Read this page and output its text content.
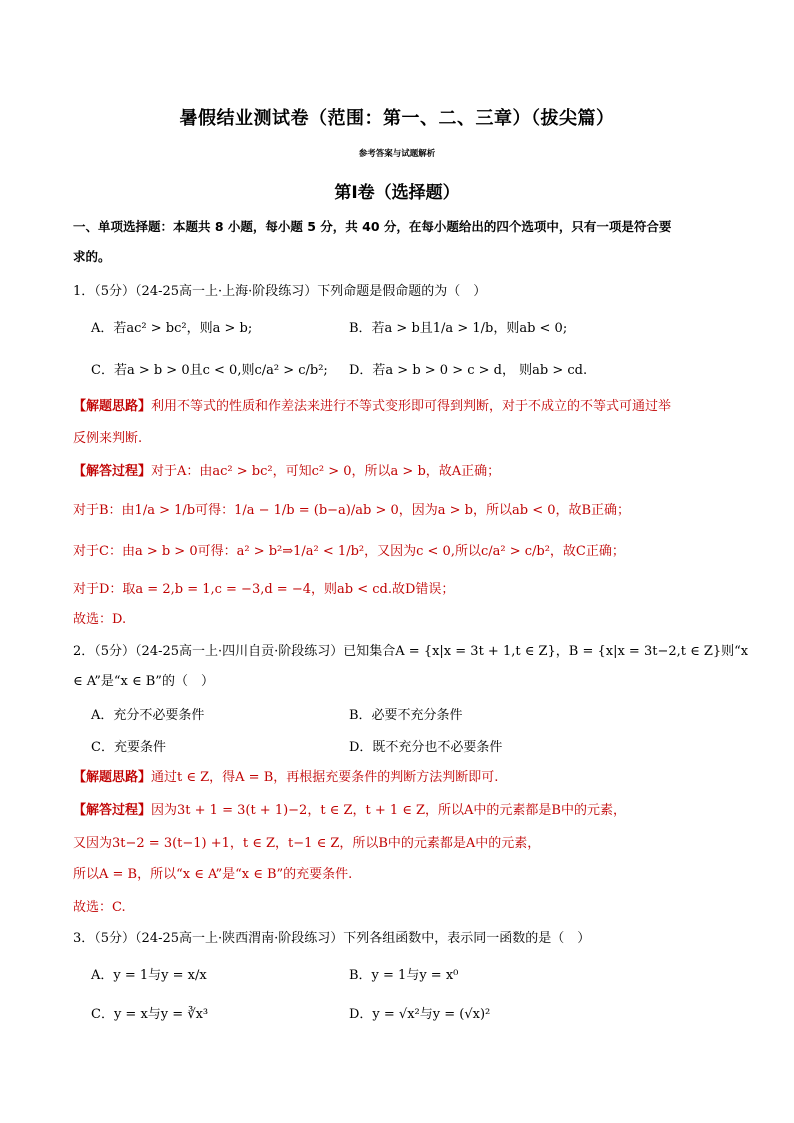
暑假结业测试卷（范围：第一、二、三章）（拔尖篇）
参考答案与试题解析
第I卷（选择题）
一、单项选择题：本题共 8 小题，每小题 5 分，共 40 分，在每小题给出的四个选项中，只有一项是符合要
求的。
1．（5分）（24-25高一上·上海·阶段练习）下列命题是假命题的为（　）
A．若ac² > bc²，则a > b;	B．若a > b且1/a > 1/b，则ab < 0;
C．若a > b > 0且c < 0,则c/a² > c/b²; D．若a > b > 0 > c > d， 则ab > cd.
【解题思路】利用不等式的性质和作差法来进行不等式变形即可得到判断，对于不成立的不等式可通过举
反例来判断.
【解答过程】对于A：由ac² > bc²，可知c² > 0，所以a > b，故A正确；
对于B：由1/a > 1/b可得：1/a − 1/b = (b−a)/ab > 0，因为a > b，所以ab < 0，故B正确；
对于C：由a > b > 0可得：a² > b²⇒1/a² < 1/b²，又因为c < 0,所以c/a² > c/b²，故C正确；
对于D：取a = 2,b = 1,c = −3,d = −4，则ab < cd.故D错误；
故选：D.
2．（5分）（24-25高一上·四川自贡·阶段练习）已知集合A = {x|x = 3t + 1,t ∈ Z}，B = {x|x = 3t−2,t ∈ Z}则“x
∈ A”是“x ∈ B”的（　）
A．充分不必要条件	B．必要不充分条件
C．充要条件	D．既不充分也不必要条件
【解题思路】通过t ∈ Z，得A = B，再根据充要条件的判断方法判断即可.
【解答过程】因为3t + 1 = 3(t + 1)−2，t ∈ Z，t + 1 ∈ Z，所以A中的元素都是B中的元素，
又因为3t−2 = 3(t−1) +1，t ∈ Z，t−1 ∈ Z，所以B中的元素都是A中的元素，
所以A = B，所以“x ∈ A”是“x ∈ B”的充要条件.
故选：C.
3．（5分）（24-25高一上·陕西渭南·阶段练习）下列各组函数中，表示同一函数的是（　）
A．y = 1与y = x/x	B．y = 1与y = x⁰
C．y = x与y = ∛x³	D．y = √x²与y = (√x)²
